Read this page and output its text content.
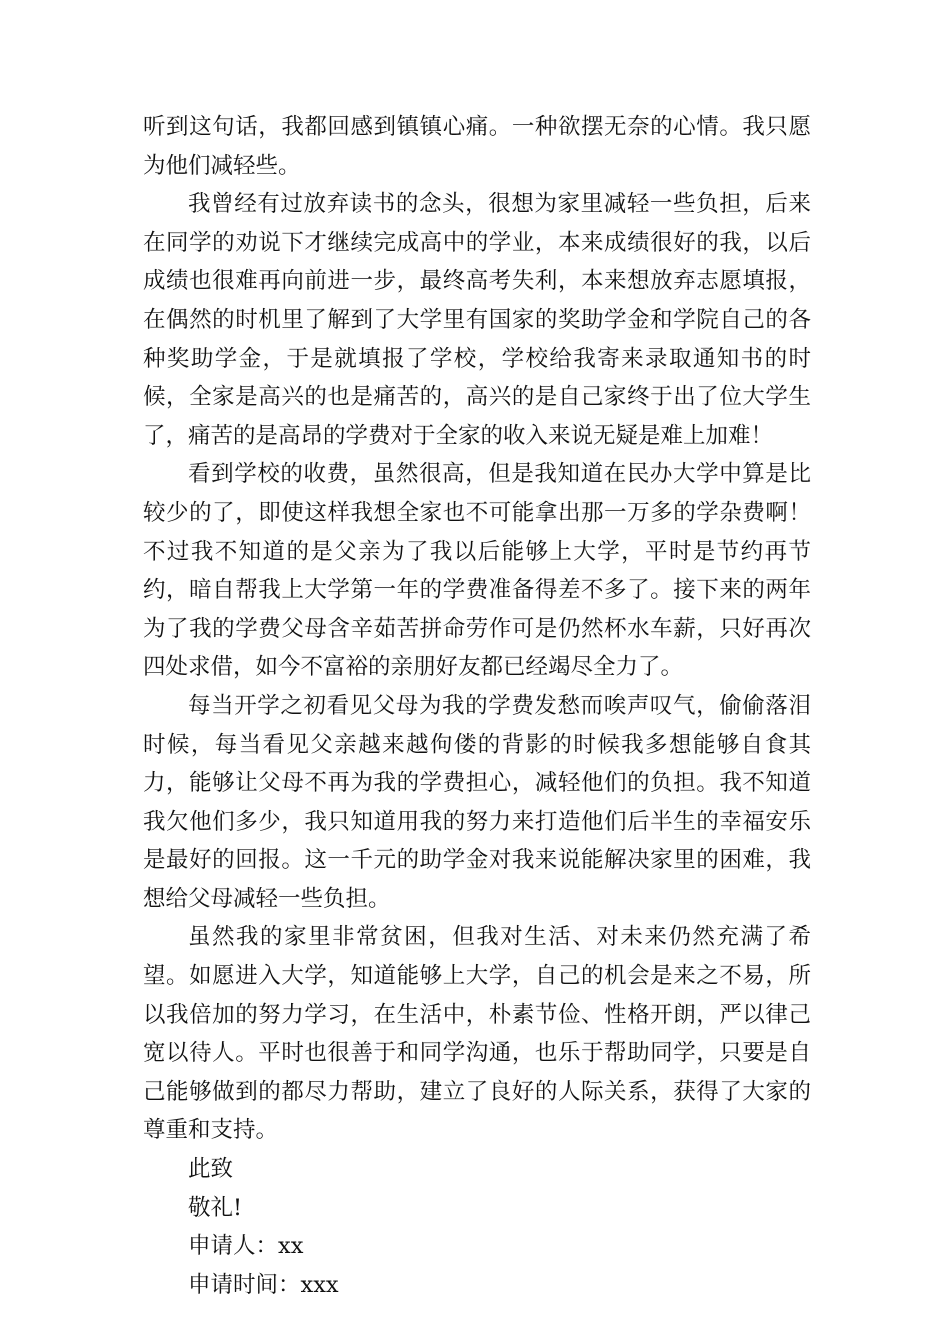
听到这句话，我都回感到镇镇心痛。一种欲摆无奈的心情。我只愿为他们减轻些。

我曾经有过放弃读书的念头，很想为家里减轻一些负担，后来在同学的劝说下才继续完成高中的学业，本来成绩很好的我，以后成绩也很难再向前进一步，最终高考失利，本来想放弃志愿填报，在偶然的时机里了解到了大学里有国家的奖助学金和学院自己的各种奖助学金，于是就填报了学校，学校给我寄来录取通知书的时候，全家是高兴的也是痛苦的，高兴的是自己家终于出了位大学生了，痛苦的是高昂的学费对于全家的收入来说无疑是难上加难！

看到学校的收费，虽然很高，但是我知道在民办大学中算是比较少的了，即使这样我想全家也不可能拿出那一万多的学杂费啊！不过我不知道的是父亲为了我以后能够上大学，平时是节约再节约，暗自帮我上大学第一年的学费准备得差不多了。接下来的两年为了我的学费父母含辛茹苦拼命劳作可是仍然杯水车薪，只好再次四处求借，如今不富裕的亲朋好友都已经竭尽全力了。

每当开学之初看见父母为我的学费发愁而唉声叹气，偷偷落泪时候，每当看见父亲越来越佝偻的背影的时候我多想能够自食其力，能够让父母不再为我的学费担心，减轻他们的负担。我不知道我欠他们多少，我只知道用我的努力来打造他们后半生的幸福安乐是最好的回报。这一千元的助学金对我来说能解决家里的困难，我想给父母减轻一些负担。

虽然我的家里非常贫困，但我对生活、对未来仍然充满了希望。如愿进入大学，知道能够上大学，自己的机会是来之不易，所以我倍加的努力学习，在生活中，朴素节俭、性格开朗，严以律己宽以待人。平时也很善于和同学沟通，也乐于帮助同学，只要是自己能够做到的都尽力帮助，建立了良好的人际关系，获得了大家的尊重和支持。

此致

敬礼!

申请人：xx

申请时间：xxx
